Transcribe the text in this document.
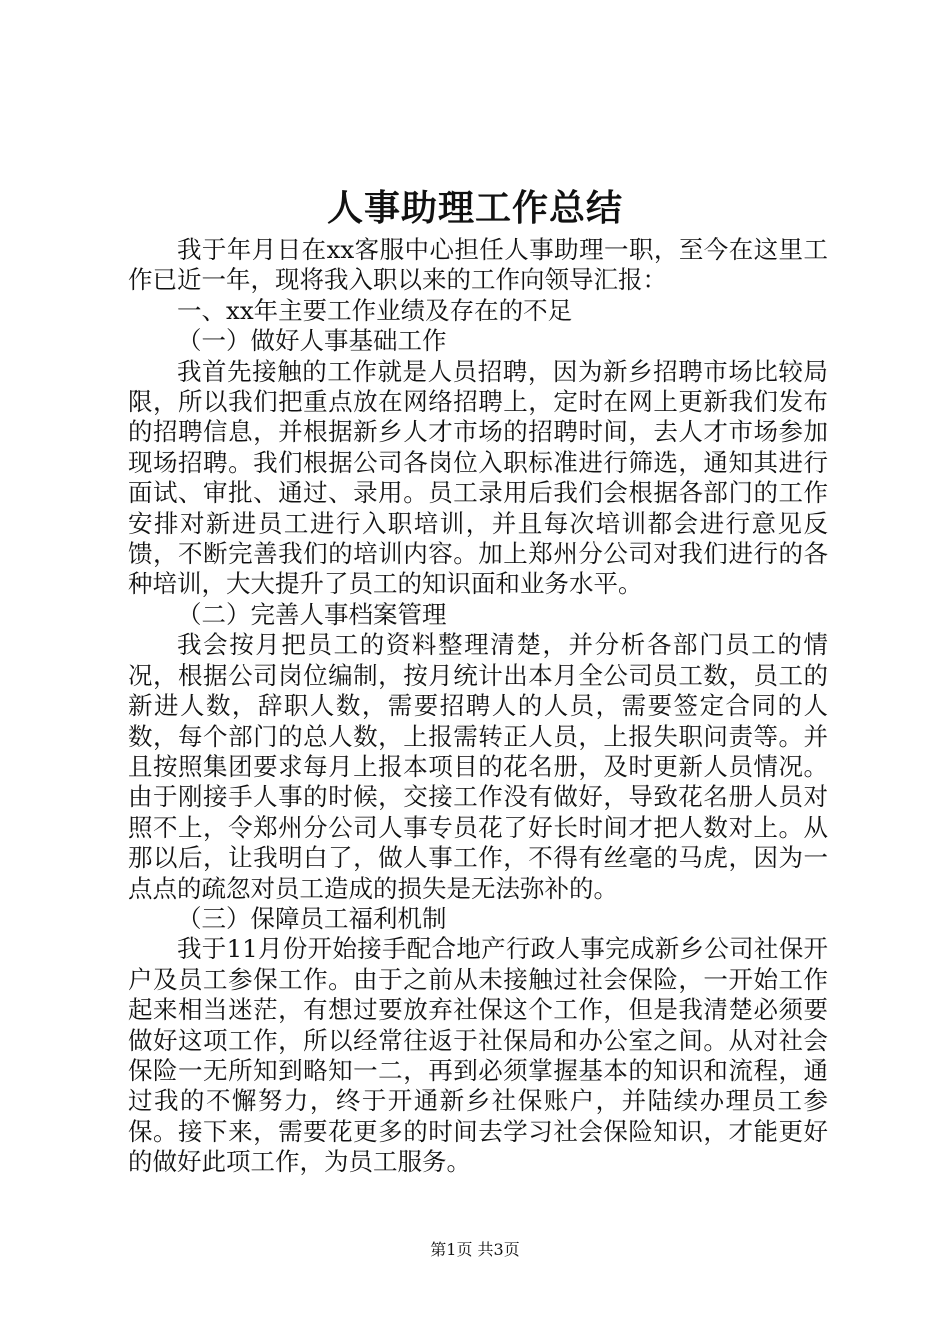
人事助理工作总结

我于年月日在xx客服中心担任人事助理一职，至今在这里工作已近一年，现将我入职以来的工作向领导汇报：

一、xx年主要工作业绩及存在的不足

（一）做好人事基础工作

我首先接触的工作就是人员招聘，因为新乡招聘市场比较局限，所以我们把重点放在网络招聘上，定时在网上更新我们发布的招聘信息，并根据新乡人才市场的招聘时间，去人才市场参加现场招聘。我们根据公司各岗位入职标准进行筛选，通知其进行面试、审批、通过、录用。员工录用后我们会根据各部门的工作安排对新进员工进行入职培训，并且每次培训都会进行意见反馈，不断完善我们的培训内容。加上郑州分公司对我们进行的各种培训，大大提升了员工的知识面和业务水平。

（二）完善人事档案管理

我会按月把员工的资料整理清楚，并分析各部门员工的情况，根据公司岗位编制，按月统计出本月全公司员工数，员工的新进人数，辞职人数，需要招聘人的人员，需要签定合同的人数，每个部门的总人数，上报需转正人员，上报失职问责等。并且按照集团要求每月上报本项目的花名册，及时更新人员情况。由于刚接手人事的时候，交接工作没有做好，导致花名册人员对照不上，令郑州分公司人事专员花了好长时间才把人数对上。从那以后，让我明白了，做人事工作，不得有丝毫的马虎，因为一点点的疏忽对员工造成的损失是无法弥补的。

（三）保障员工福利机制

我于11月份开始接手配合地产行政人事完成新乡公司社保开户及员工参保工作。由于之前从未接触过社会保险，一开始工作起来相当迷茫，有想过要放弃社保这个工作，但是我清楚必须要做好这项工作，所以经常往返于社保局和办公室之间。从对社会保险一无所知到略知一二，再到必须掌握基本的知识和流程，通过我的不懈努力，终于开通新乡社保账户，并陆续办理员工参保。接下来，需要花更多的时间去学习社会保险知识，才能更好的做好此项工作，为员工服务。

第1页 共3页
